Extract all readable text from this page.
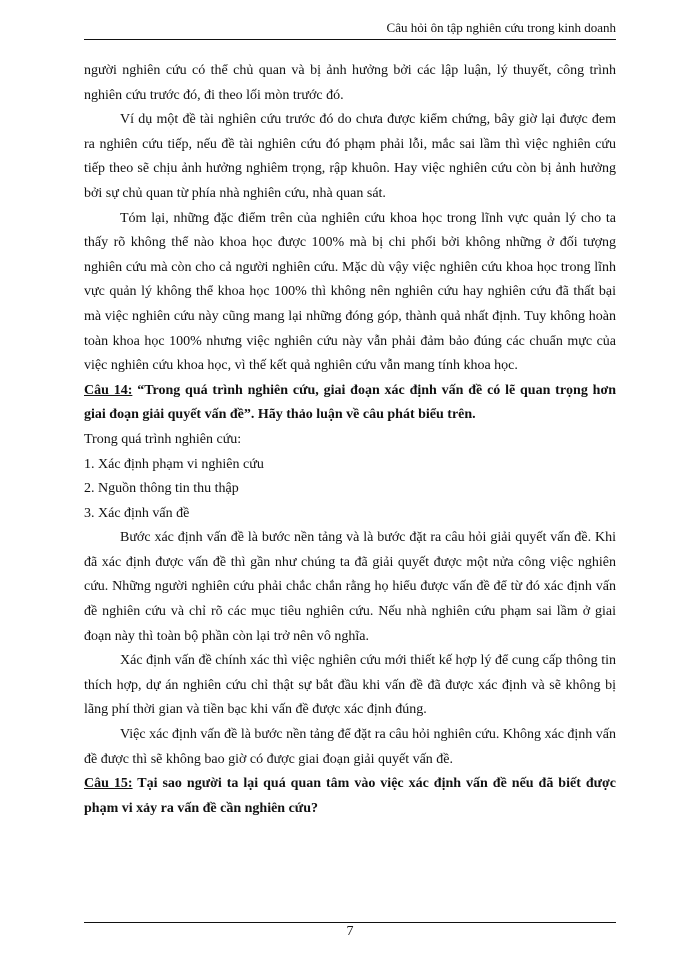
Câu hỏi ôn tập nghiên cứu trong kinh doanh

người nghiên cứu có thể chủ quan và bị ảnh hưởng bởi các lập luận, lý thuyết, công trình nghiên cứu trước đó, đi theo lối mòn trước đó.

Ví dụ một đề tài nghiên cứu trước đó do chưa được kiểm chứng, bây giờ lại được đem ra nghiên cứu tiếp, nếu đề tài nghiên cứu đó phạm phải lỗi, mắc sai lầm thì việc nghiên cứu tiếp theo sẽ chịu ảnh hưởng nghiêm trọng, rập khuôn. Hay việc nghiên cứu còn bị ảnh hưởng bởi sự chủ quan từ phía nhà nghiên cứu, nhà quan sát.

Tóm lại, những đặc điểm trên của nghiên cứu khoa học trong lĩnh vực quản lý cho ta thấy rõ không thể nào khoa học được 100% mà bị chi phối bởi không những ở đối tượng nghiên cứu mà còn cho cả người nghiên cứu. Mặc dù vậy việc nghiên cứu khoa học trong lĩnh vực quản lý không thể khoa học 100% thì không nên nghiên cứu hay nghiên cứu đã thất bại mà việc nghiên cứu này cũng mang lại những đóng góp, thành quả nhất định. Tuy không hoàn toàn khoa học 100% nhưng việc nghiên cứu này vẫn phải đảm bảo đúng các chuẩn mực của việc nghiên cứu khoa học, vì thế kết quả nghiên cứu vẫn mang tính khoa học.

Câu 14: “Trong quá trình nghiên cứu, giai đoạn xác định vấn đề có lẽ quan trọng hơn giai đoạn giải quyết vấn đề”. Hãy thảo luận về câu phát biểu trên.

Trong quá trình nghiên cứu:

1. Xác định phạm vi nghiên cứu

2. Nguồn thông tin thu thập

3. Xác định vấn đề

Bước xác định vấn đề là bước nền tảng và là bước đặt ra câu hỏi giải quyết vấn đề. Khi đã xác định được vấn đề thì gần như chúng ta đã giải quyết được một nửa công việc nghiên cứu. Những người nghiên cứu phải chắc chắn rằng họ hiểu được vấn đề để từ đó xác định vấn đề nghiên cứu và chỉ rõ các mục tiêu nghiên cứu. Nếu nhà nghiên cứu phạm sai lầm ở giai đoạn này thì toàn bộ phần còn lại trở nên vô nghĩa.

Xác định vấn đề chính xác thì việc nghiên cứu mới thiết kế hợp lý để cung cấp thông tin thích hợp, dự án nghiên cứu chỉ thật sự bắt đầu khi vấn đề đã được xác định và sẽ không bị lãng phí thời gian và tiền bạc khi vấn đề được xác định đúng.

Việc xác định vấn đề là bước nền tảng để đặt ra câu hỏi nghiên cứu. Không xác định vấn đề được thì sẽ không bao giờ có được giai đoạn giải quyết vấn đề.

Câu 15: Tại sao người ta lại quá quan tâm vào việc xác định vấn đề nếu đã biết được phạm vi xảy ra vấn đề cần nghiên cứu?

7
